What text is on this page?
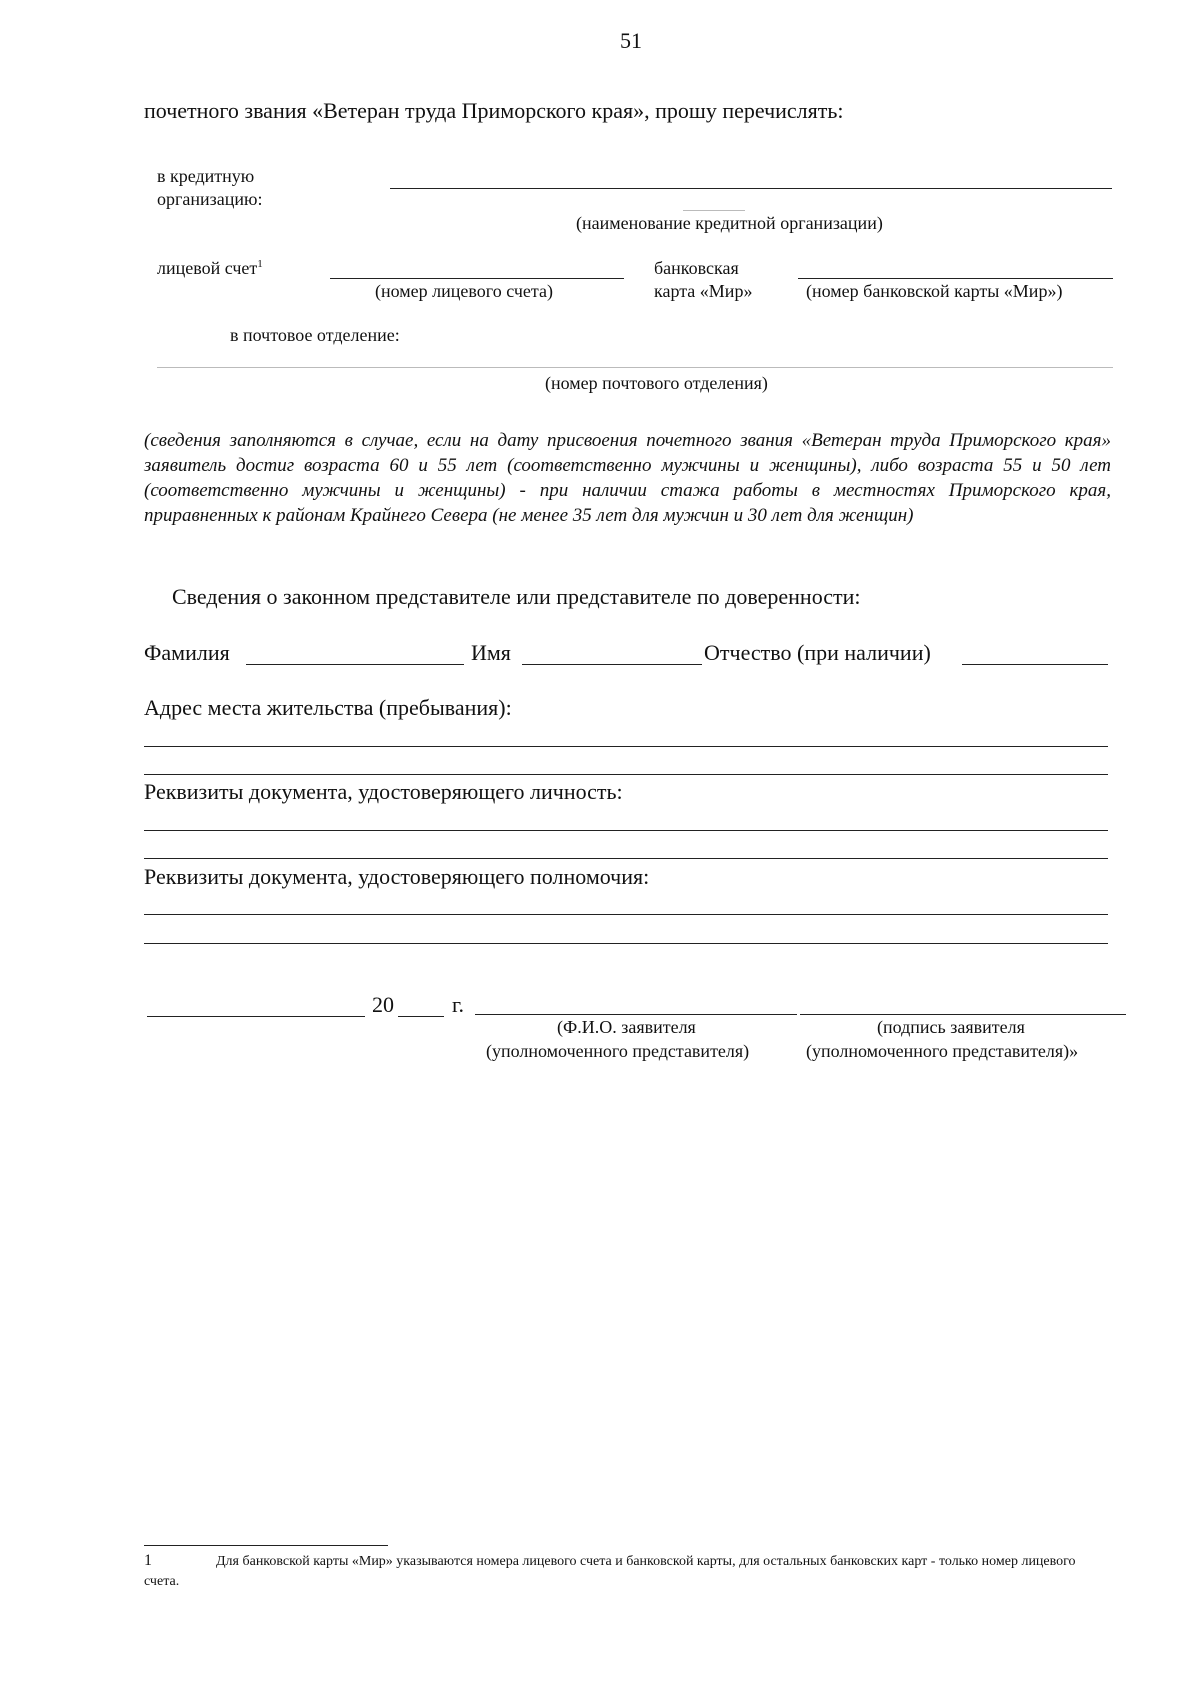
51
почетного звания «Ветеран труда Приморского края», прошу перечислять:
в кредитную
организацию:
(наименование кредитной организации)
лицевой счет$^1$
(номер лицевого счета)
банковская
карта «Мир»	(номер банковской карты «Мир»)
в почтовое отделение:
(номер почтового отделения)
(сведения заполняются в случае, если на дату присвоения почетного звания «Ветеран труда Приморского края» заявитель достиг возраста 60 и 55 лет (соответственно мужчины и женщины), либо возраста 55 и 50 лет (соответственно мужчины и женщины) - при наличии стажа работы в местностях Приморского края, приравненных к районам Крайнего Севера (не менее 35 лет для мужчин и 30 лет для женщин)
Сведения о законном представителе или представителе по доверенности:
Фамилия	Имя	Отчество (при наличии)
Адрес места жительства (пребывания):
Реквизиты документа, удостоверяющего личность:
Реквизиты документа, удостоверяющего полномочия:
20	г.
(Ф.И.О. заявителя
(уполномоченного представителя)
(подпись заявителя
(уполномоченного представителя)»
1	Для банковской карты «Мир» указываются номера лицевого счета и банковской карты, для остальных банковских карт - только номер лицевого счета.
